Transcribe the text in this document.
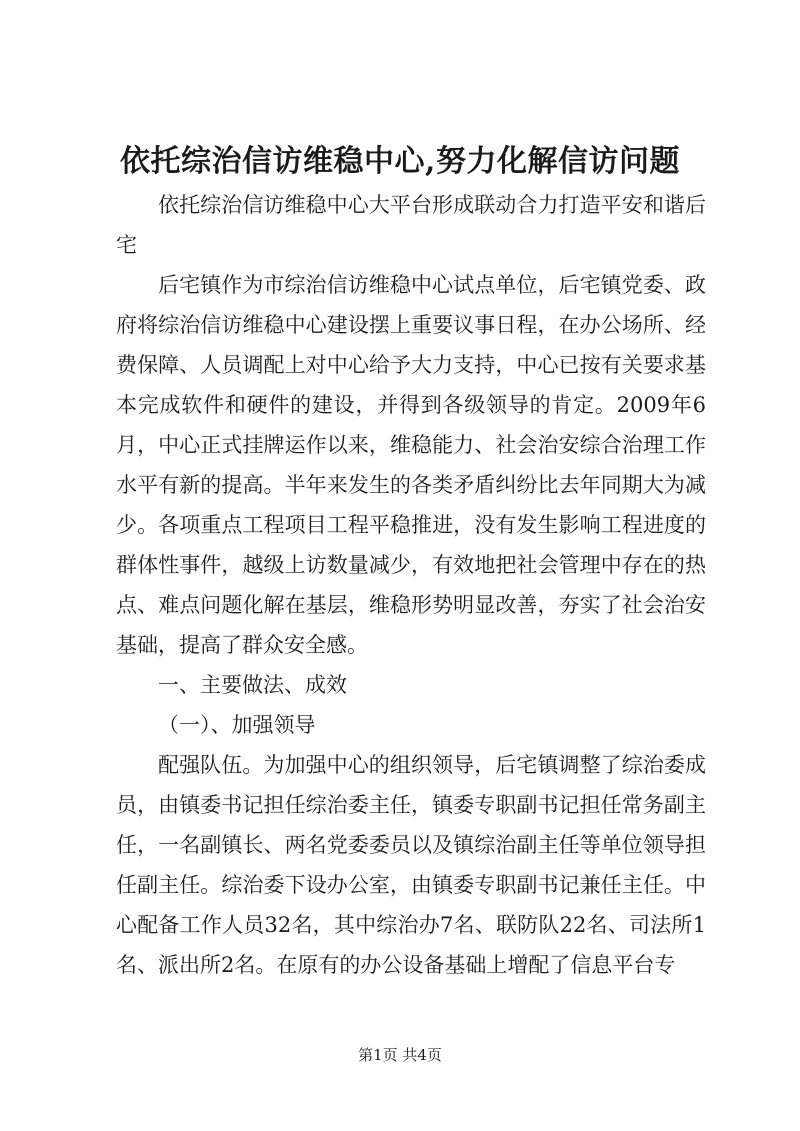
依托综治信访维稳中心,努力化解信访问题

依托综治信访维稳中心大平台形成联动合力打造平安和谐后宅

后宅镇作为市综治信访维稳中心试点单位，后宅镇党委、政府将综治信访维稳中心建设摆上重要议事日程，在办公场所、经费保障、人员调配上对中心给予大力支持，中心已按有关要求基本完成软件和硬件的建设，并得到各级领导的肯定。2009年6月，中心正式挂牌运作以来，维稳能力、社会治安综合治理工作水平有新的提高。半年来发生的各类矛盾纠纷比去年同期大为减少。各项重点工程项目工程平稳推进，没有发生影响工程进度的群体性事件，越级上访数量减少，有效地把社会管理中存在的热点、难点问题化解在基层，维稳形势明显改善，夯实了社会治安基础，提高了群众安全感。

一、主要做法、成效

（一）、加强领导

配强队伍。为加强中心的组织领导，后宅镇调整了综治委成员，由镇委书记担任综治委主任，镇委专职副书记担任常务副主任，一名副镇长、两名党委委员以及镇综治副主任等单位领导担任副主任。综治委下设办公室，由镇委专职副书记兼任主任。中心配备工作人员32名，其中综治办7名、联防队22名、司法所1名、派出所2名。在原有的办公设备基础上增配了信息平台专

第1页 共4页
